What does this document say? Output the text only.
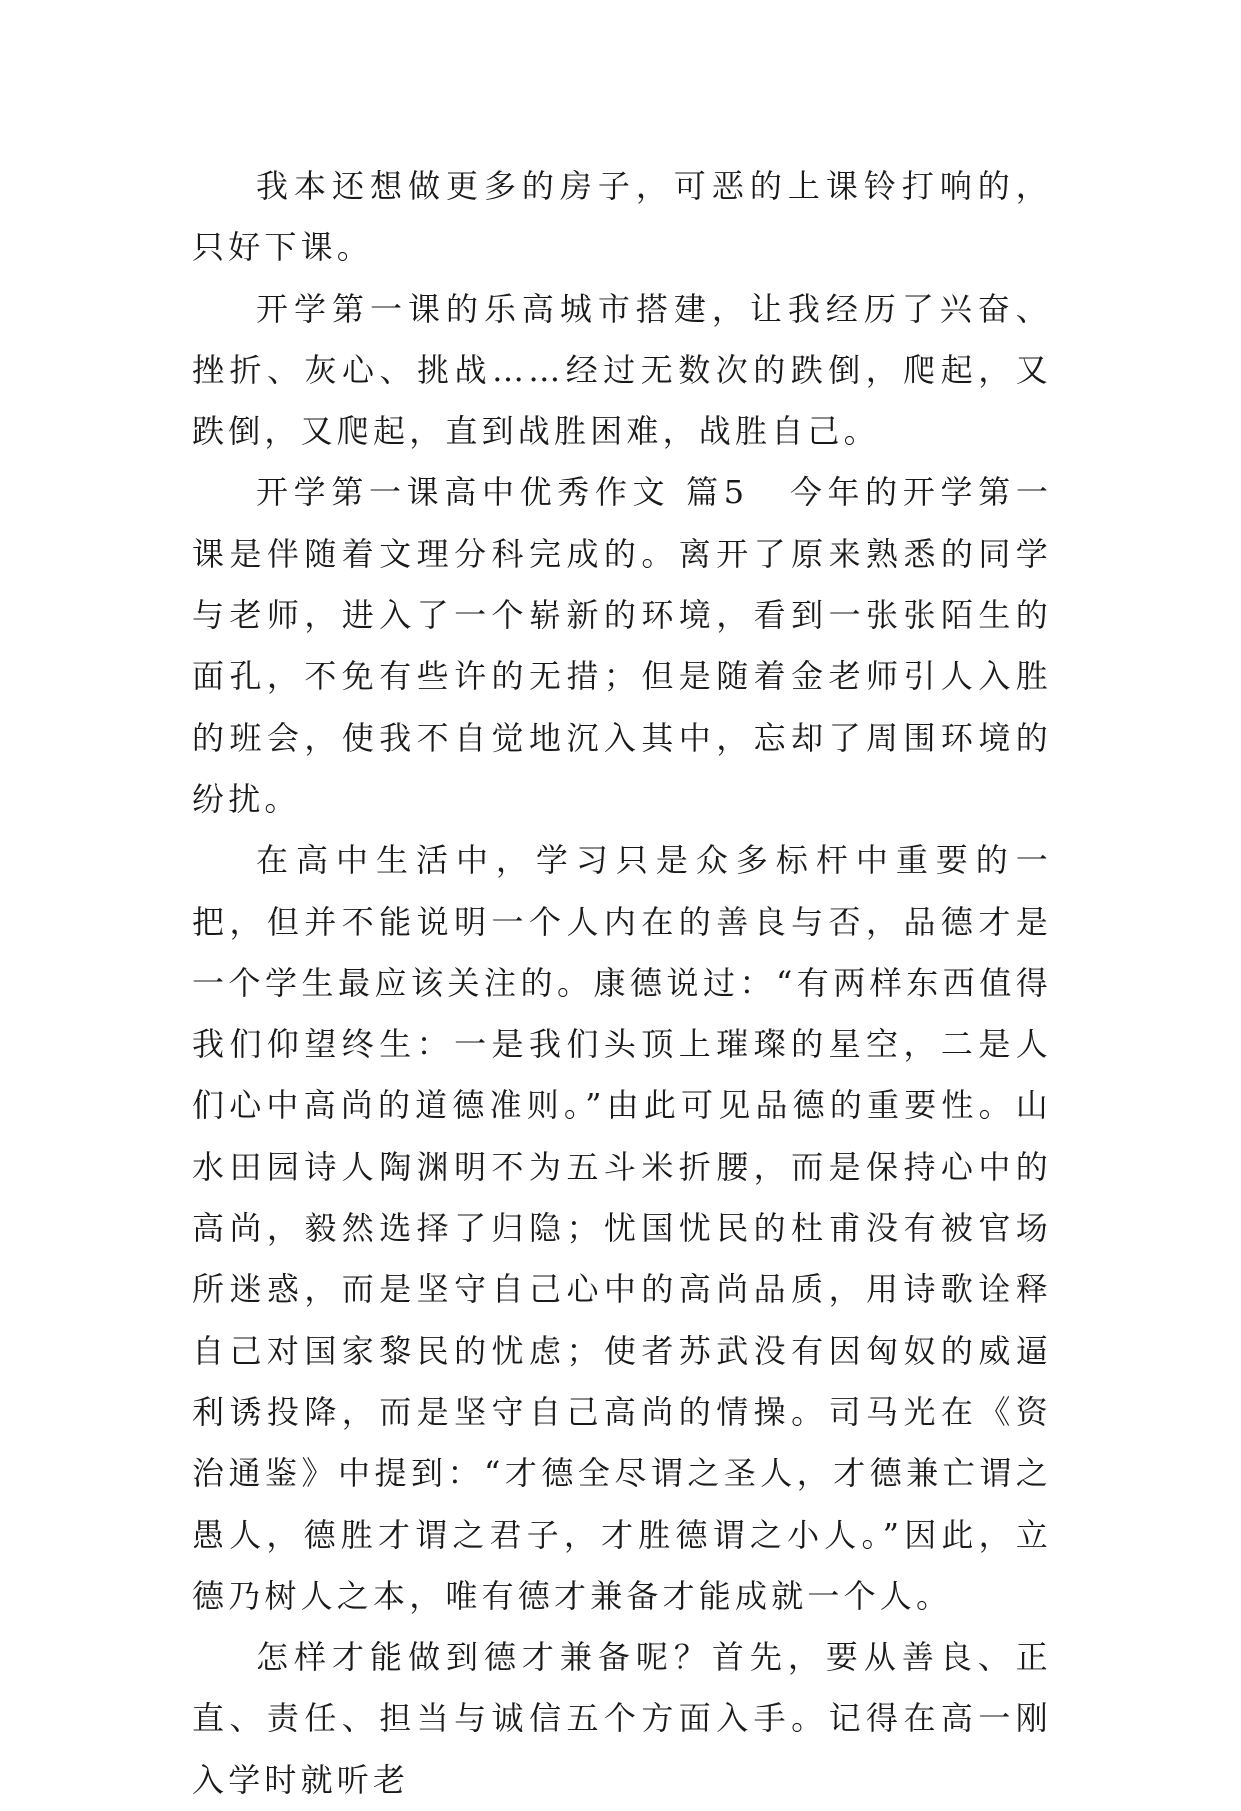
我本还想做更多的房子，可恶的上课铃打响的，只好下课。

开学第一课的乐高城市搭建，让我经历了兴奋、挫折、灰心、挑战……经过无数次的跌倒，爬起，又跌倒，又爬起，直到战胜困难，战胜自己。

开学第一课高中优秀作文 篇5 今年的开学第一课是伴随着文理分科完成的。离开了原来熟悉的同学与老师，进入了一个崭新的环境，看到一张张陌生的面孔，不免有些许的无措；但是随着金老师引人入胜的班会，使我不自觉地沉入其中，忘却了周围环境的纷扰。

在高中生活中，学习只是众多标杆中重要的一把，但并不能说明一个人内在的善良与否，品德才是一个学生最应该关注的。康德说过：“有两样东西值得我们仰望终生：一是我们头顶上璀璨的星空，二是人们心中高尚的道德准则。”由此可见品德的重要性。山水田园诗人陶渊明不为五斗米折腰，而是保持心中的高尚，毅然选择了归隐；忧国忧民的杜甫没有被官场所迷惑，而是坚守自己心中的高尚品质，用诗歌诠释自己对国家黎民的忧虑；使者苏武没有因匈奴的威逼利诱投降，而是坚守自己高尚的情操。司马光在《资治通鉴》中提到：“才德全尽谓之圣人，才德兼亡谓之愚人，德胜才谓之君子，才胜德谓之小人。”因此，立德乃树人之本，唯有德才兼备才能成就一个人。

怎样才能做到德才兼备呢？首先，要从善良、正直、责任、担当与诚信五个方面入手。记得在高一刚入学时就听老
